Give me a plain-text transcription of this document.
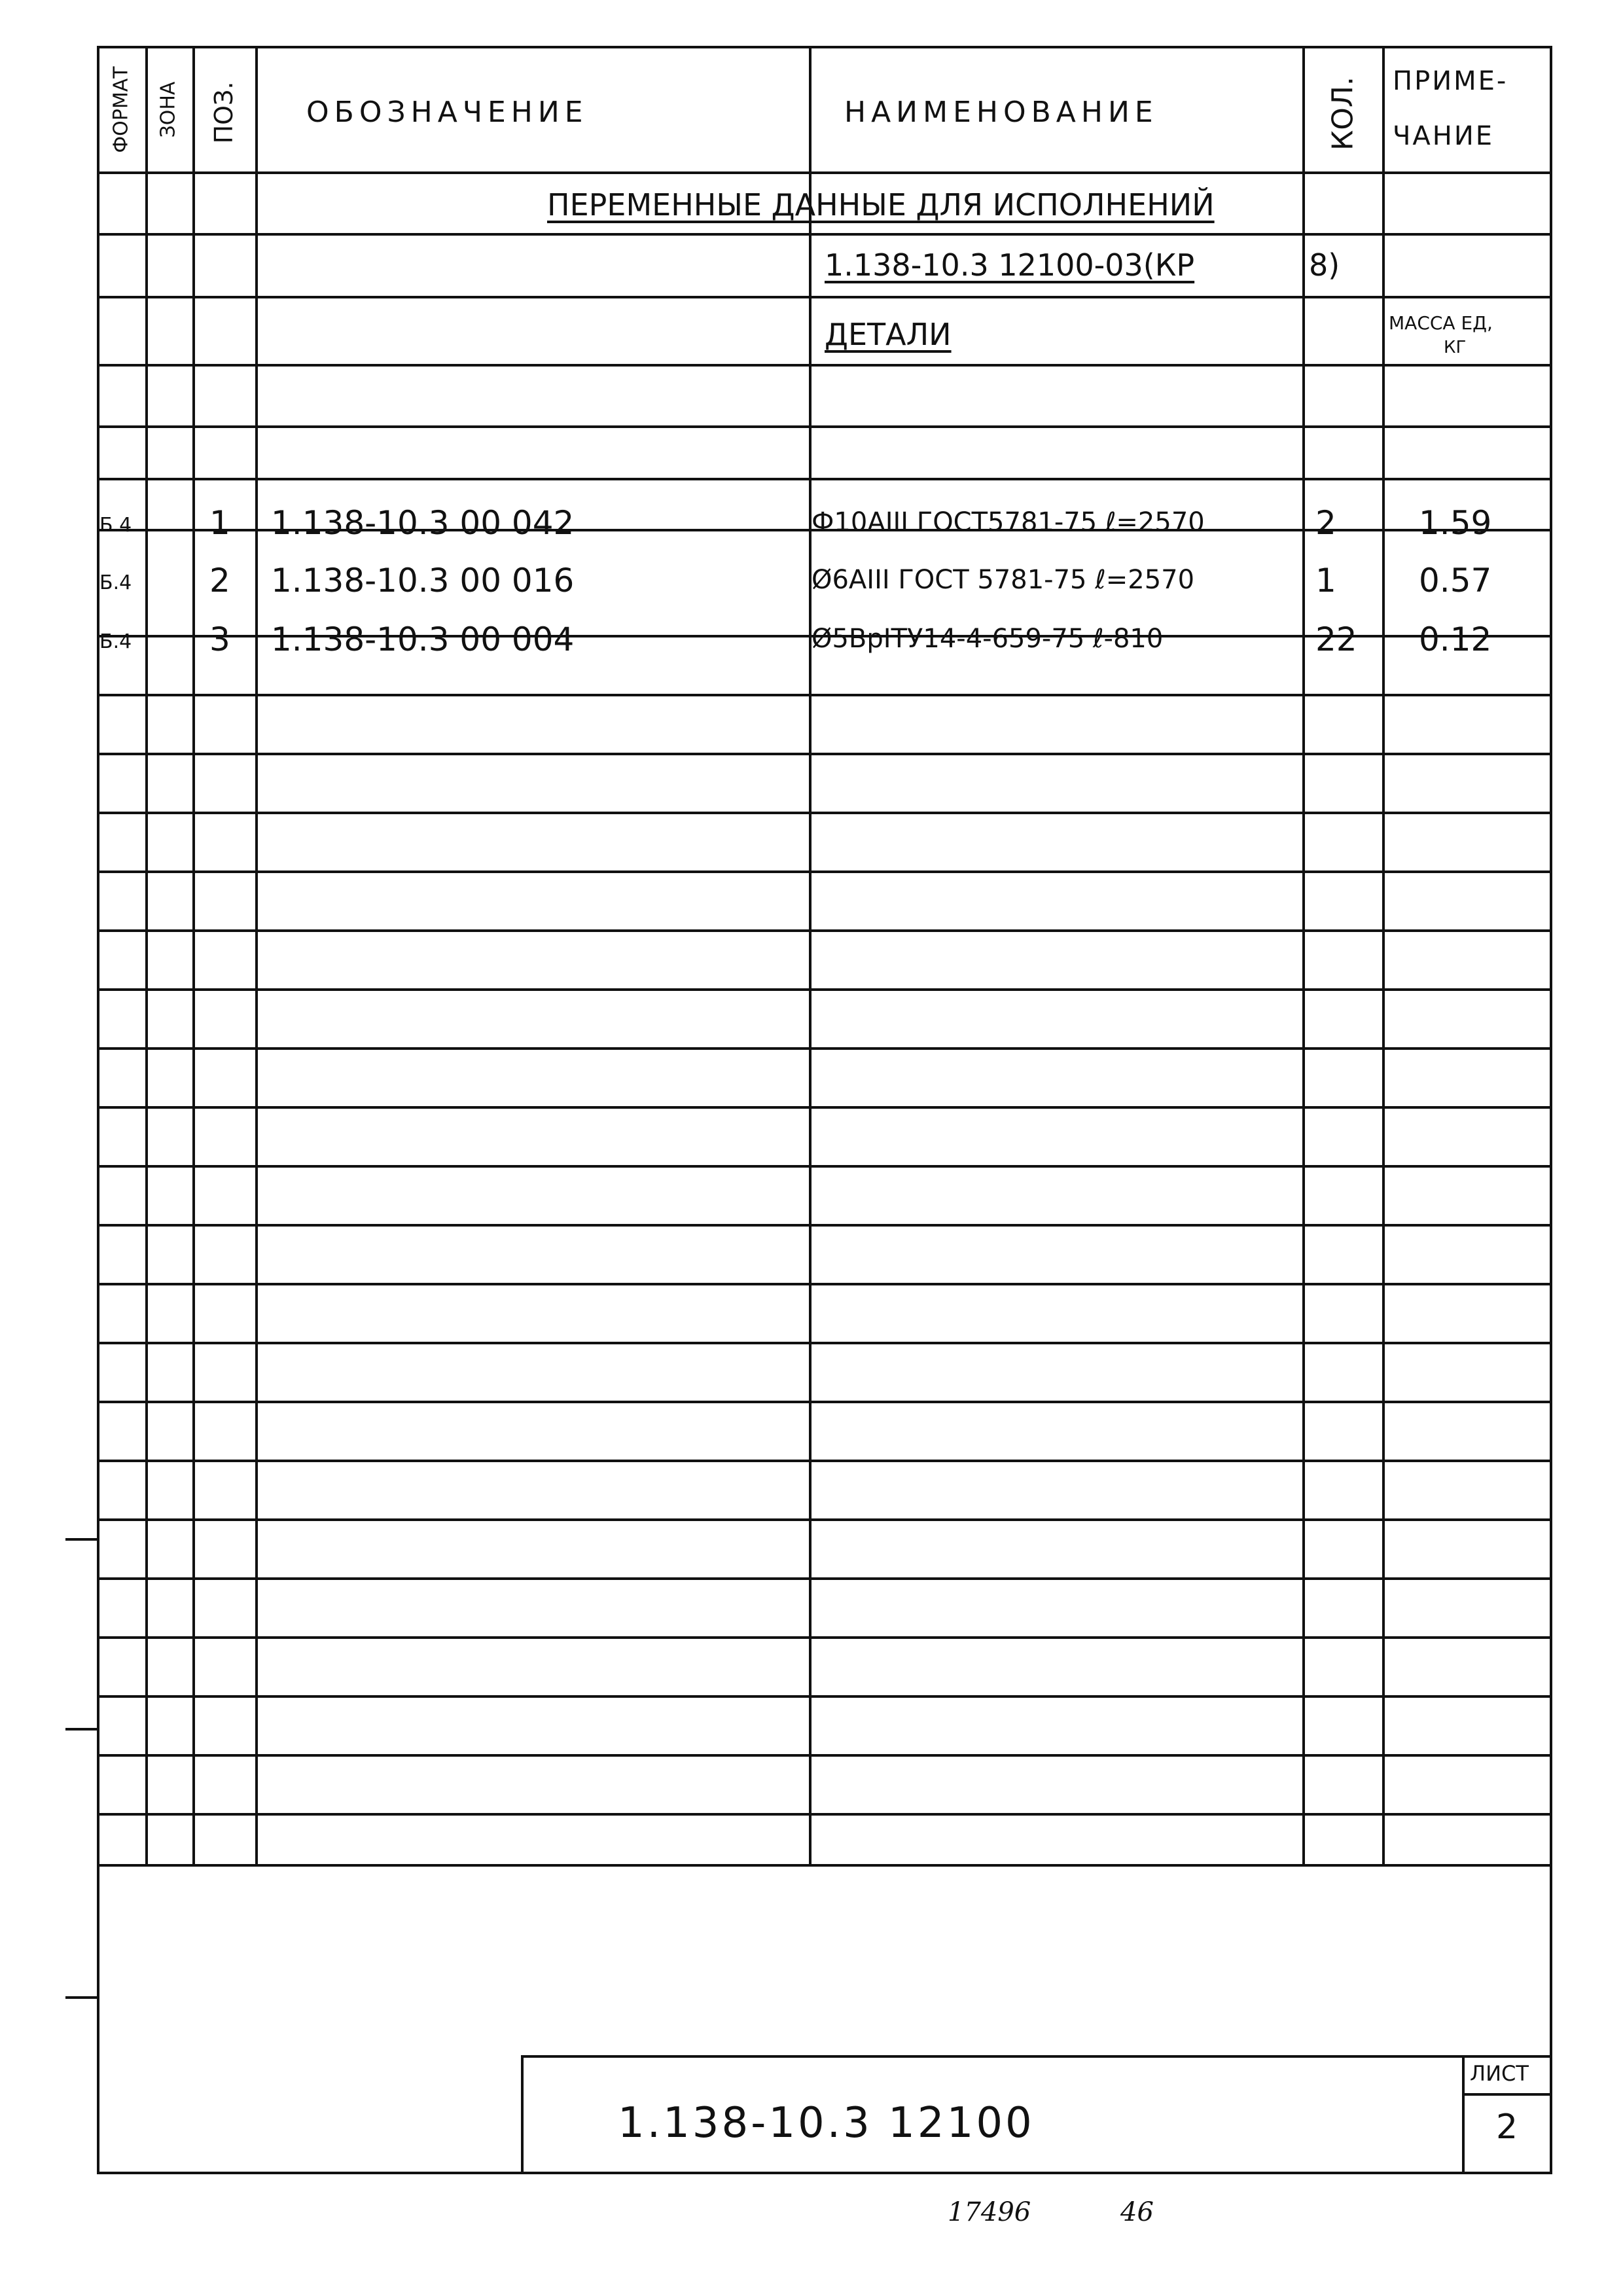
ФОРМАТ ЗОНА ПОЗ. ОБОЗНАЧЕНИЕ	НАИМЕНОВАНИЕ	КОЛ. ПРИМЕ-
ЧАНИЕ
ПЕРЕМЕННЫЕ ДАННЫЕ ДЛЯ ИСПОЛНЕНИЙ
1.138-10.3 12100-03(КР	8)
ДЕТАЛИ	МАССА ЕД,
КГ
Б.4 1 1.138-10.3 00 042	Ф10АIII ГОСТ5781-75 ℓ=2570	2	1.59
Б.4 2 1.138-10.3 00 016	Ø6АIII ГОСТ 5781-75 ℓ=2570	1	0.57
Б.4 3 1.138-10.3 00 004	Ø5ВрIТУ14-4-659-75 ℓ-810	22 0.12
1.138-10.3 12100
ЛИСТ
2
17496	46
